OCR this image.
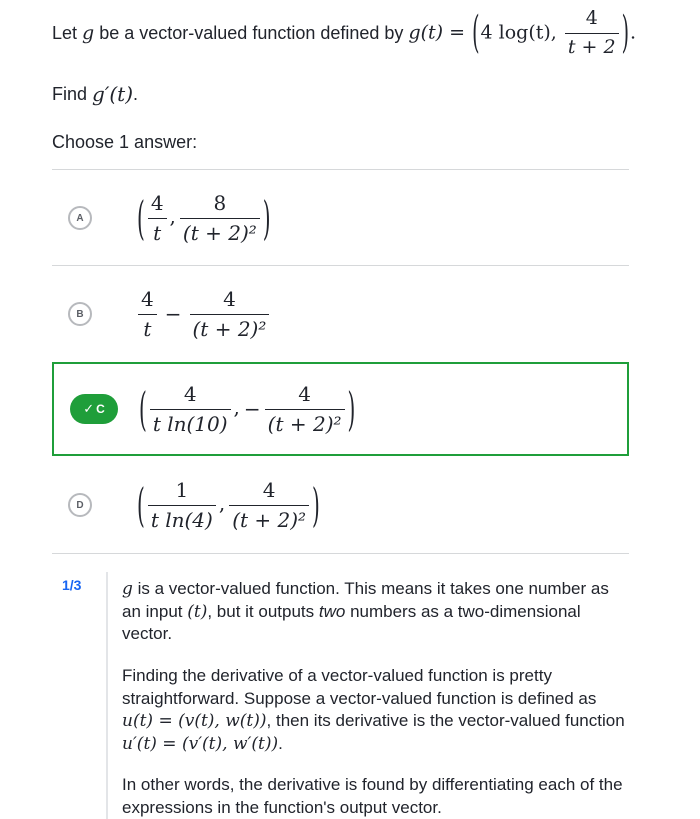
Let
g
be a vector-valued function defined by
g(t) = (4 log(t), $\frac{4}{t + 2}$ ).
Find
g′(t) .
Choose 1 answer:
A	( $\frac{4}{t}$ , $\frac{8}{\text{(t + 2)²}}$ )
B	$\frac{4}{t} - \frac{4}{\text{(t + 2)²}}$
✓ C ( $\frac{4}{\text{t ln(10)}}$ , − $\frac{4}{\text{(t + 2)²}}$ )
D	( $\frac{1}{\text{t ln(4)}}$ , $\frac{4}{\text{(t + 2)²}}$ )
1/3 g is a vector-valued function. This means it takes one number as an input (t), but it outputs two numbers as a two-dimensional vector.

Finding the derivative of a vector-valued function is pretty straightforward. Suppose a vector-valued function is defined as u(t) = (v(t), w(t)), then its derivative is the vector-valued function u′(t) = (v′(t), w′(t)).

In other words, the derivative is found by differentiating each of the expressions in the function's output vector.
